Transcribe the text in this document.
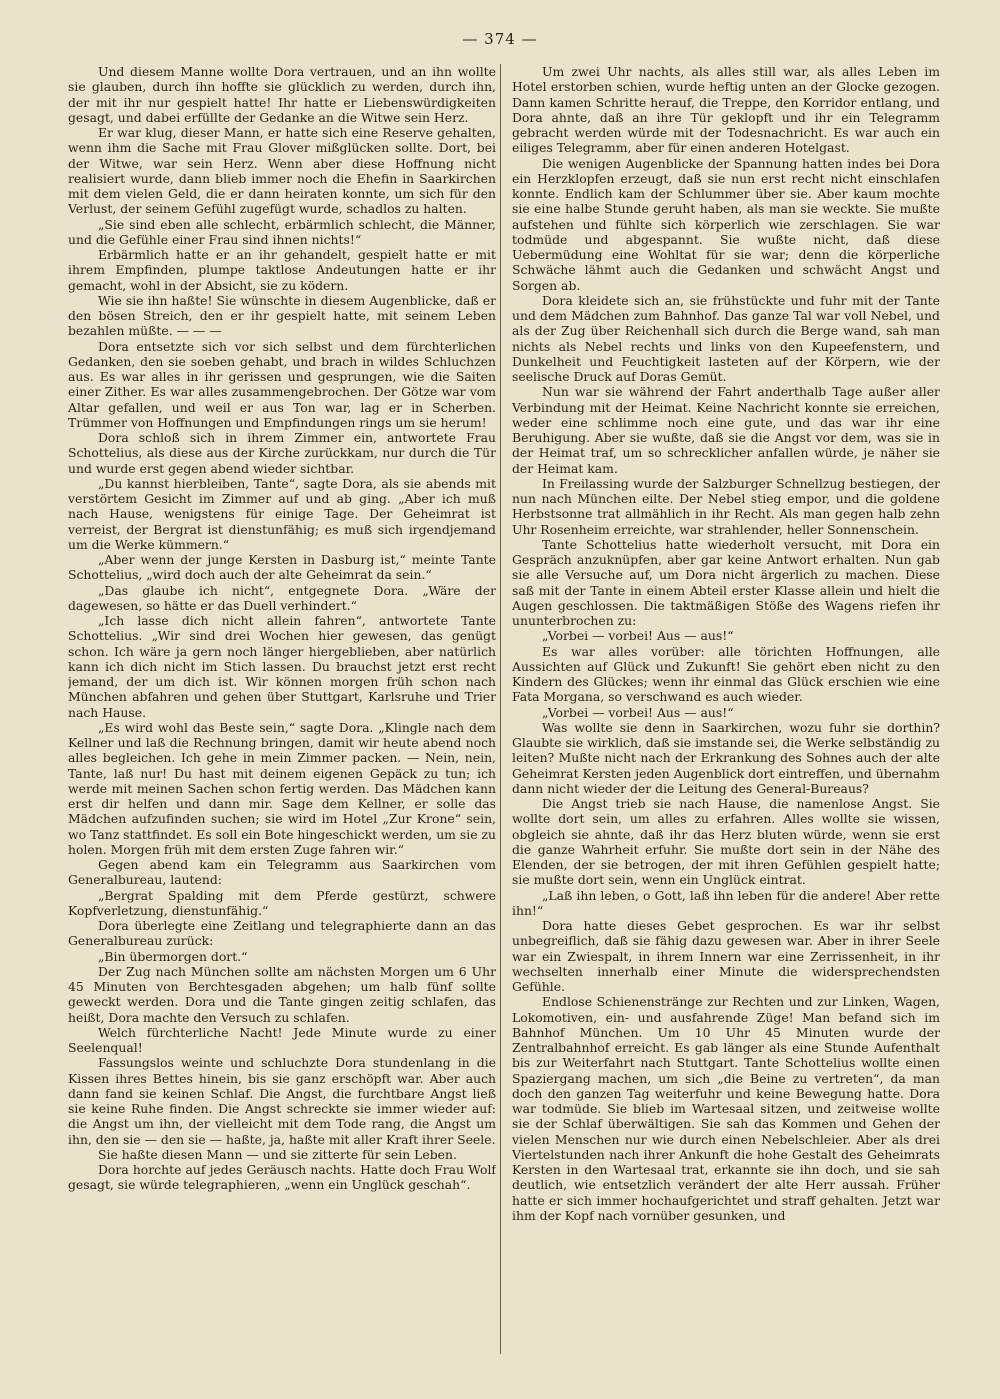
— 374 —

Und diesem Manne wollte Dora vertrauen, und an ihn wollte sie glauben, durch ihn hoffte sie glücklich zu werden, durch ihn, der mit ihr nur gespielt hatte! Ihr hatte er Liebenswürdigkeiten gesagt, und dabei erfüllte der Gedanke an die Witwe sein Herz.

Er war klug, dieser Mann, er hatte sich eine Reserve gehalten, wenn ihm die Sache mit Frau Glover mißglücken sollte. Dort, bei der Witwe, war sein Herz. Wenn aber diese Hoffnung nicht realisiert wurde, dann blieb immer noch die Ehefin in Saarkirchen mit dem vielen Geld, die er dann heiraten konnte, um sich für den Verlust, der seinem Gefühl zugefügt wurde, schadlos zu halten.

„Sie sind eben alle schlecht, erbärmlich schlecht, die Männer, und die Gefühle einer Frau sind ihnen nichts!“

Erbärmlich hatte er an ihr gehandelt, gespielt hatte er mit ihrem Empfinden, plumpe taktlose Andeutungen hatte er ihr gemacht, wohl in der Absicht, sie zu ködern.

Wie sie ihn haßte! Sie wünschte in diesem Augenblicke, daß er den bösen Streich, den er ihr gespielt hatte, mit seinem Leben bezahlen müßte. — — —

Dora entsetzte sich vor sich selbst und dem fürchterlichen Gedanken, den sie soeben gehabt, und brach in wildes Schluchzen aus. Es war alles in ihr gerissen und gesprungen, wie die Saiten einer Zither. Es war alles zusammengebrochen. Der Götze war vom Altar gefallen, und weil er aus Ton war, lag er in Scherben. Trümmer von Hoffnungen und Empfindungen rings um sie herum!

Dora schloß sich in ihrem Zimmer ein, antwortete Frau Schottelius, als diese aus der Kirche zurückkam, nur durch die Tür und wurde erst gegen abend wieder sichtbar.

„Du kannst hierbleiben, Tante“, sagte Dora, als sie abends mit verstörtem Gesicht im Zimmer auf und ab ging. „Aber ich muß nach Hause, wenigstens für einige Tage. Der Geheimrat ist verreist, der Bergrat ist dienstunfähig; es muß sich irgendjemand um die Werke kümmern.“

„Aber wenn der junge Kersten in Dasburg ist,“ meinte Tante Schottelius, „wird doch auch der alte Geheimrat da sein.“

„Das glaube ich nicht“, entgegnete Dora. „Wäre der dagewesen, so hätte er das Duell verhindert.“

„Ich lasse dich nicht allein fahren“, antwortete Tante Schottelius. „Wir sind drei Wochen hier gewesen, das genügt schon. Ich wäre ja gern noch länger hiergeblieben, aber natürlich kann ich dich nicht im Stich lassen. Du brauchst jetzt erst recht jemand, der um dich ist. Wir können morgen früh schon nach München abfahren und gehen über Stuttgart, Karlsruhe und Trier nach Hause.

„Es wird wohl das Beste sein,“ sagte Dora. „Klingle nach dem Kellner und laß die Rechnung bringen, damit wir heute abend noch alles begleichen. Ich gehe in mein Zimmer packen. — Nein, nein, Tante, laß nur! Du hast mit deinem eigenen Gepäck zu tun; ich werde mit meinen Sachen schon fertig werden. Das Mädchen kann erst dir helfen und dann mir. Sage dem Kellner, er solle das Mädchen aufzufinden suchen; sie wird im Hotel „Zur Krone“ sein, wo Tanz stattfindet. Es soll ein Bote hingeschickt werden, um sie zu holen. Morgen früh mit dem ersten Zuge fahren wir.“

Gegen abend kam ein Telegramm aus Saarkirchen vom Generalbureau, lautend:

„Bergrat Spalding mit dem Pferde gestürzt, schwere Kopfverletzung, dienstunfähig.“

Dora überlegte eine Zeitlang und telegraphierte dann an das Generalbureau zurück:

„Bin übermorgen dort.“

Der Zug nach München sollte am nächsten Morgen um 6 Uhr 45 Minuten von Berchtesgaden abgehen; um halb fünf sollte geweckt werden. Dora und die Tante gingen zeitig schlafen, das heißt, Dora machte den Versuch zu schlafen.

Welch fürchterliche Nacht! Jede Minute wurde zu einer Seelenqual!

Fassungslos weinte und schluchzte Dora stundenlang in die Kissen ihres Bettes hinein, bis sie ganz erschöpft war. Aber auch dann fand sie keinen Schlaf. Die Angst, die furchtbare Angst ließ sie keine Ruhe finden. Die Angst schreckte sie immer wieder auf: die Angst um ihn, der vielleicht mit dem Tode rang, die Angst um ihn, den sie — den sie — haßte, ja, haßte mit aller Kraft ihrer Seele.

Sie haßte diesen Mann — und sie zitterte für sein Leben.

Dora horchte auf jedes Geräusch nachts. Hatte doch Frau Wolf gesagt, sie würde telegraphieren, „wenn ein Unglück geschah“.

Um zwei Uhr nachts, als alles still war, als alles Leben im Hotel erstorben schien, wurde heftig unten an der Glocke gezogen. Dann kamen Schritte herauf, die Treppe, den Korridor entlang, und Dora ahnte, daß an ihre Tür geklopft und ihr ein Telegramm gebracht werden würde mit der Todesnachricht. Es war auch ein eiliges Telegramm, aber für einen anderen Hotelgast.

Die wenigen Augenblicke der Spannung hatten indes bei Dora ein Herzklopfen erzeugt, daß sie nun erst recht nicht einschlafen konnte. Endlich kam der Schlummer über sie. Aber kaum mochte sie eine halbe Stunde geruht haben, als man sie weckte. Sie mußte aufstehen und fühlte sich körperlich wie zerschlagen. Sie war todmüde und abgespannt. Sie wußte nicht, daß diese Uebermüdung eine Wohltat für sie war; denn die körperliche Schwäche lähmt auch die Gedanken und schwächt Angst und Sorgen ab.

Dora kleidete sich an, sie frühstückte und fuhr mit der Tante und dem Mädchen zum Bahnhof. Das ganze Tal war voll Nebel, und als der Zug über Reichenhall sich durch die Berge wand, sah man nichts als Nebel rechts und links von den Kupeefenstern, und Dunkelheit und Feuchtigkeit lasteten auf der Körpern, wie der seelische Druck auf Doras Gemüt.

Nun war sie während der Fahrt anderthalb Tage außer aller Verbindung mit der Heimat. Keine Nachricht konnte sie erreichen, weder eine schlimme noch eine gute, und das war ihr eine Beruhigung. Aber sie wußte, daß sie die Angst vor dem, was sie in der Heimat traf, um so schrecklicher anfallen würde, je näher sie der Heimat kam.

In Freilassing wurde der Salzburger Schnellzug bestiegen, der nun nach München eilte. Der Nebel stieg empor, und die goldene Herbstsonne trat allmählich in ihr Recht. Als man gegen halb zehn Uhr Rosenheim erreichte, war strahlender, heller Sonnenschein.

Tante Schottelius hatte wiederholt versucht, mit Dora ein Gespräch anzuknüpfen, aber gar keine Antwort erhalten. Nun gab sie alle Versuche auf, um Dora nicht ärgerlich zu machen. Diese saß mit der Tante in einem Abteil erster Klasse allein und hielt die Augen geschlossen. Die taktmäßigen Stöße des Wagens riefen ihr ununterbrochen zu:

„Vorbei — vorbei! Aus — aus!“

Es war alles vorüber: alle törichten Hoffnungen, alle Aussichten auf Glück und Zukunft! Sie gehört eben nicht zu den Kindern des Glückes; wenn ihr einmal das Glück erschien wie eine Fata Morgana, so verschwand es auch wieder.

„Vorbei — vorbei! Aus — aus!“

Was wollte sie denn in Saarkirchen, wozu fuhr sie dorthin? Glaubte sie wirklich, daß sie imstande sei, die Werke selbständig zu leiten? Mußte nicht nach der Erkrankung des Sohnes auch der alte Geheimrat Kersten jeden Augenblick dort eintreffen, und übernahm dann nicht wieder der die Leitung des General-Bureaus?

Die Angst trieb sie nach Hause, die namenlose Angst. Sie wollte dort sein, um alles zu erfahren. Alles wollte sie wissen, obgleich sie ahnte, daß ihr das Herz bluten würde, wenn sie erst die ganze Wahrheit erfuhr. Sie mußte dort sein in der Nähe des Elenden, der sie betrogen, der mit ihren Gefühlen gespielt hatte; sie mußte dort sein, wenn ein Unglück eintrat.

„Laß ihn leben, o Gott, laß ihn leben für die andere! Aber rette ihn!“

Dora hatte dieses Gebet gesprochen. Es war ihr selbst unbegreiflich, daß sie fähig dazu gewesen war. Aber in ihrer Seele war ein Zwiespalt, in ihrem Innern war eine Zerrissenheit, in ihr wechselten innerhalb einer Minute die widersprechendsten Gefühle.

Endlose Schienenstränge zur Rechten und zur Linken, Wagen, Lokomotiven, ein- und ausfahrende Züge! Man befand sich im Bahnhof München. Um 10 Uhr 45 Minuten wurde der Zentralbahnhof erreicht. Es gab länger als eine Stunde Aufenthalt bis zur Weiterfahrt nach Stuttgart. Tante Schottelius wollte einen Spaziergang machen, um sich „die Beine zu vertreten“, da man doch den ganzen Tag weiterfuhr und keine Bewegung hatte. Dora war todmüde. Sie blieb im Wartesaal sitzen, und zeitweise wollte sie der Schlaf überwältigen. Sie sah das Kommen und Gehen der vielen Menschen nur wie durch einen Nebelschleier. Aber als drei Viertelstunden nach ihrer Ankunft die hohe Gestalt des Geheimrats Kersten in den Wartesaal trat, erkannte sie ihn doch, und sie sah deutlich, wie entsetzlich verändert der alte Herr aussah. Früher hatte er sich immer hochaufgerichtet und straff gehalten. Jetzt war ihm der Kopf nach vornüber gesunken, und
